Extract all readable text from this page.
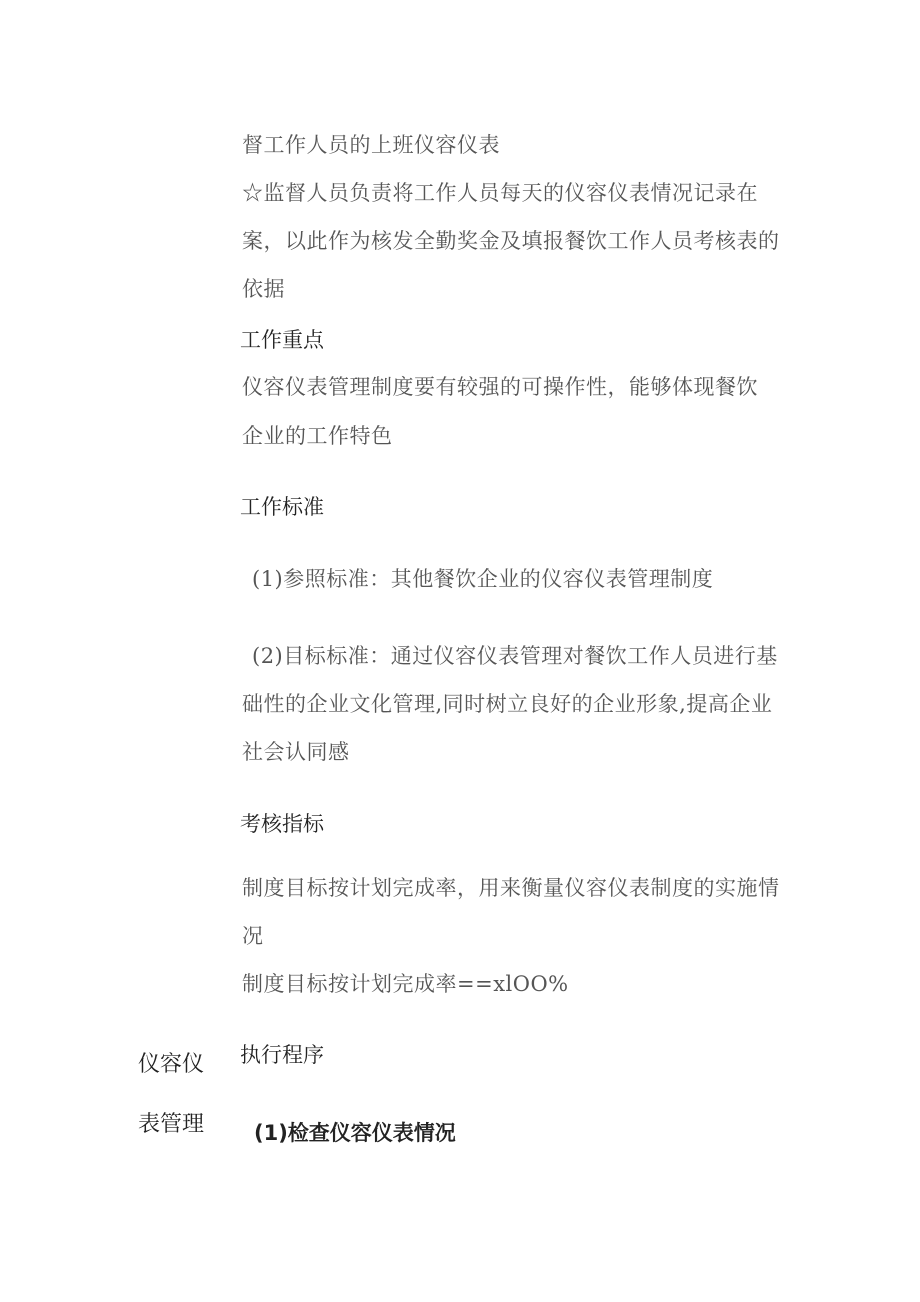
督工作人员的上班仪容仪表
☆监督人员负责将工作人员每天的仪容仪表情况记录在
案，以此作为核发全勤奖金及填报餐饮工作人员考核表的
依据
工作重点
仪容仪表管理制度要有较强的可操作性，能够体现餐饮
企业的工作特色
工作标准
(1)参照标准：其他餐饮企业的仪容仪表管理制度
(2)目标标准：通过仪容仪表管理对餐饮工作人员进行基
础性的企业文化管理,同时树立良好的企业形象,提高企业
社会认同感
考核指标
制度目标按计划完成率，用来衡量仪容仪表制度的实施情
况
制度目标按计划完成率==xlOO%
仪容仪
表管理
执行程序
(1)检查仪容仪表情况
